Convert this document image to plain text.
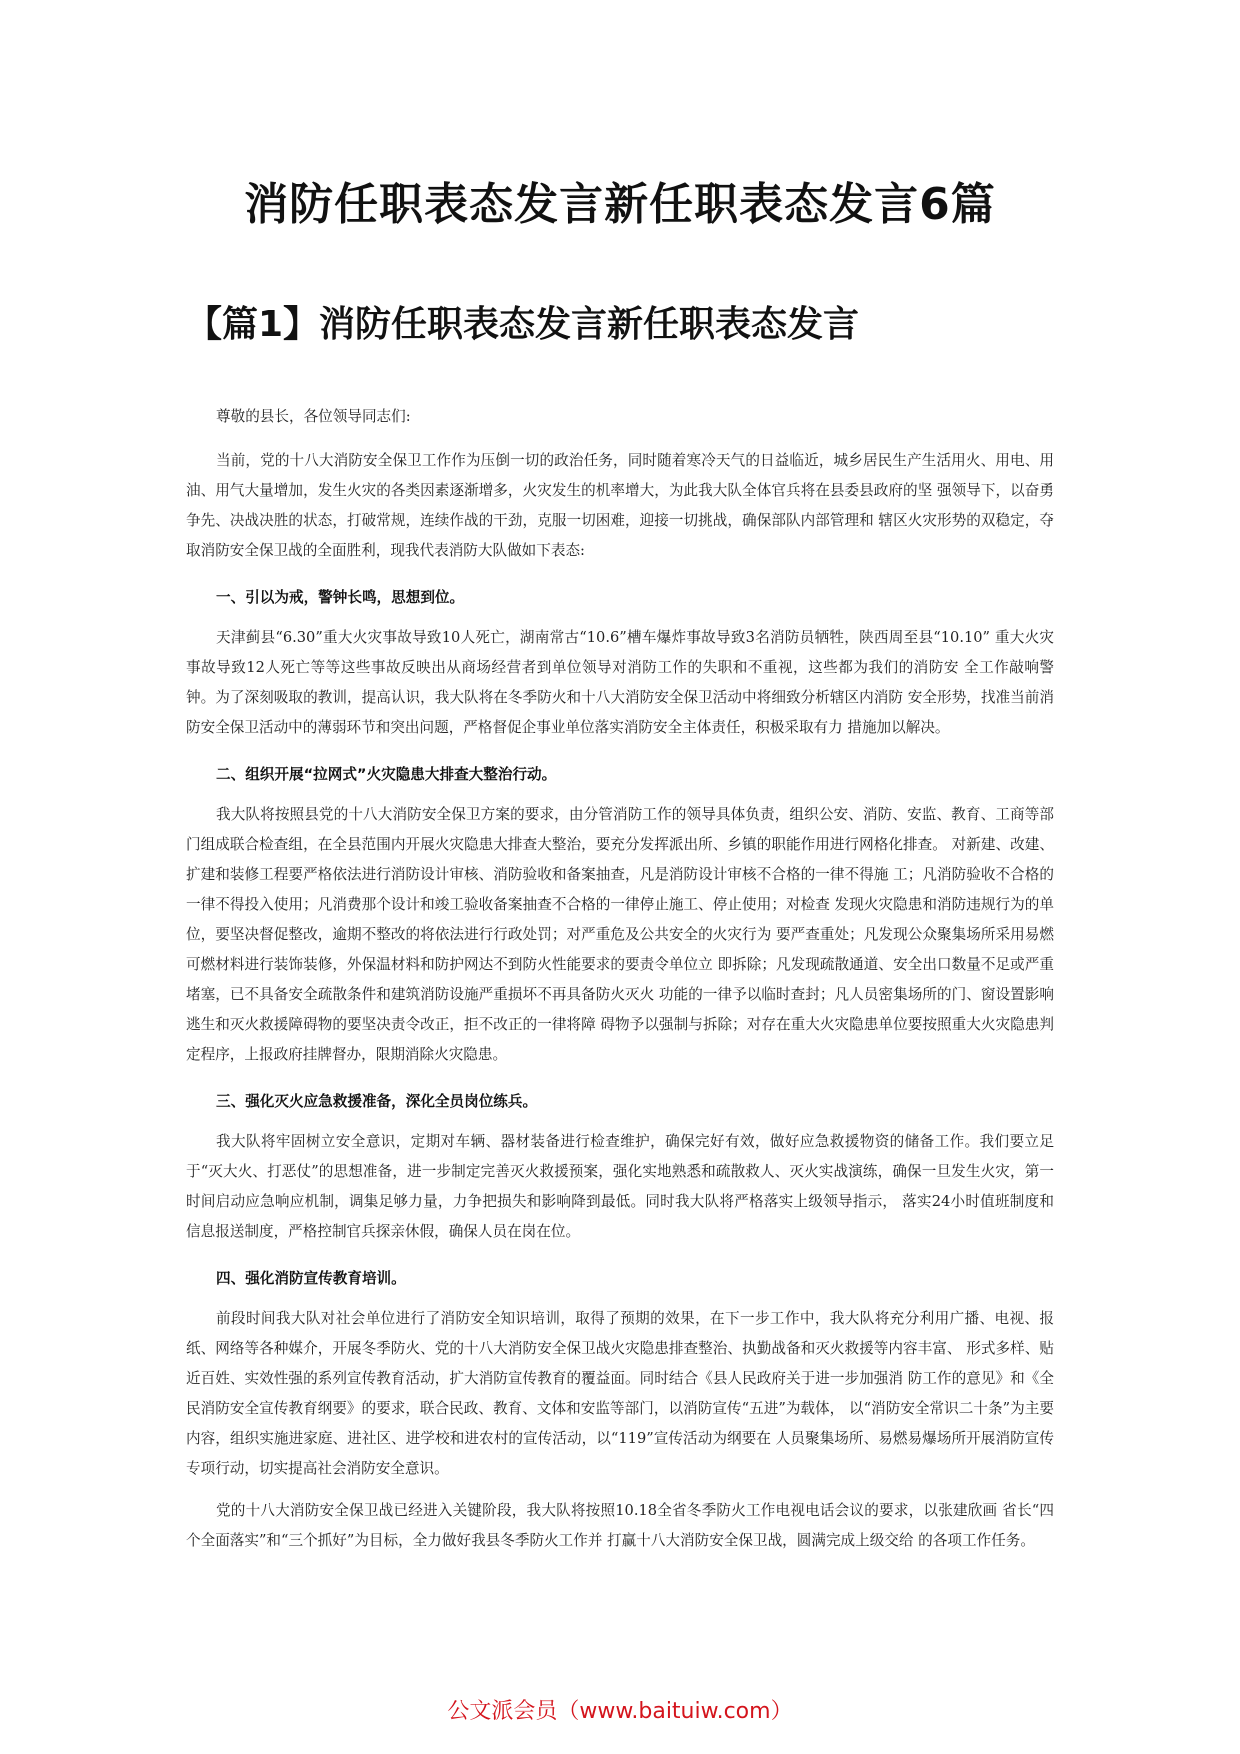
消防任职表态发言新任职表态发言6篇
【篇1】消防任职表态发言新任职表态发言

尊敬的县长，各位领导同志们:

当前，党的十八大消防安全保卫工作作为压倒一切的政治任务，同时随着寒冷天气的日益临近，城乡居民生产生活用火、用电、用油、用气大量增加，发生火灾的各类因素逐渐增多，火灾发生的机率增大，为此我大队全体官兵将在县委县政府的坚 强领导下，以奋勇争先、决战决胜的状态，打破常规，连续作战的干劲，克服一切困难，迎接一切挑战，确保部队内部管理和 辖区火灾形势的双稳定，夺取消防安全保卫战的全面胜利，现我代表消防大队做如下表态:

一、引以为戒，警钟长鸣，思想到位。

天津蓟县“6.30”重大火灾事故导致10人死亡，湖南常古“10.6”槽车爆炸事故导致3名消防员牺牲，陕西周至县“10.10” 重大火灾事故导致12人死亡等等这些事故反映出从商场经营者到单位领导对消防工作的失职和不重视，这些都为我们的消防安 全工作敲响警钟。为了深刻吸取的教训，提高认识，我大队将在冬季防火和十八大消防安全保卫活动中将细致分析辖区内消防 安全形势，找准当前消防安全保卫活动中的薄弱环节和突出问题，严格督促企事业单位落实消防安全主体责任，积极采取有力 措施加以解决。

二、组织开展“拉网式”火灾隐患大排查大整治行动。

我大队将按照县党的十八大消防安全保卫方案的要求，由分管消防工作的领导具体负责，组织公安、消防、安监、教育、工商等部门组成联合检查组，在全县范围内开展火灾隐患大排查大整治，要充分发挥派出所、乡镇的职能作用进行网格化排查。 对新建、改建、扩建和装修工程要严格依法进行消防设计审核、消防验收和备案抽查，凡是消防设计审核不合格的一律不得施 工；凡消防验收不合格的一律不得投入使用；凡消费那个设计和竣工验收备案抽查不合格的一律停止施工、停止使用；对检查 发现火灾隐患和消防违规行为的单位，要坚决督促整改，逾期不整改的将依法进行行政处罚；对严重危及公共安全的火灾行为 要严查重处；凡发现公众聚集场所采用易燃可燃材料进行装饰装修，外保温材料和防护网达不到防火性能要求的要责令单位立 即拆除；凡发现疏散通道、安全出口数量不足或严重堵塞，已不具备安全疏散条件和建筑消防设施严重损坏不再具备防火灭火 功能的一律予以临时查封；凡人员密集场所的门、窗设置影响逃生和灭火救援障碍物的要坚决责令改正，拒不改正的一律将障 碍物予以强制与拆除；对存在重大火灾隐患单位要按照重大火灾隐患判定程序，上报政府挂牌督办，限期消除火灾隐患。

三、强化灭火应急救援准备，深化全员岗位练兵。

我大队将牢固树立安全意识，定期对车辆、器材装备进行检查维护，确保完好有效，做好应急救援物资的储备工作。我们要立足于“灭大火、打恶仗”的思想准备，进一步制定完善灭火救援预案，强化实地熟悉和疏散救人、灭火实战演练，确保一旦发生火灾，第一时间启动应急响应机制，调集足够力量，力争把损失和影响降到最低。同时我大队将严格落实上级领导指示， 落实24小时值班制度和信息报送制度，严格控制官兵探亲休假，确保人员在岗在位。

四、强化消防宣传教育培训。

前段时间我大队对社会单位进行了消防安全知识培训，取得了预期的效果，在下一步工作中，我大队将充分利用广播、电视、报纸、网络等各种媒介，开展冬季防火、党的十八大消防安全保卫战火灾隐患排查整治、执勤战备和灭火救援等内容丰富、 形式多样、贴近百姓、实效性强的系列宣传教育活动，扩大消防宣传教育的覆益面。同时结合《县人民政府关于进一步加强消 防工作的意见》和《全民消防安全宣传教育纲要》的要求，联合民政、教育、文体和安监等部门，以消防宣传“五进”为载体， 以“消防安全常识二十条”为主要内容，组织实施进家庭、进社区、进学校和进农村的宣传活动，以“119”宣传活动为纲要在 人员聚集场所、易燃易爆场所开展消防宣传专项行动，切实提高社会消防安全意识。

党的十八大消防安全保卫战已经进入关键阶段，我大队将按照10.18全省冬季防火工作电视电话会议的要求，以张建欣画 省长“四个全面落实”和“三个抓好”为目标，全力做好我县冬季防火工作并 打赢十八大消防安全保卫战，圆满完成上级交给 的各项工作任务。

公文派会员（www.baituiw.com）
